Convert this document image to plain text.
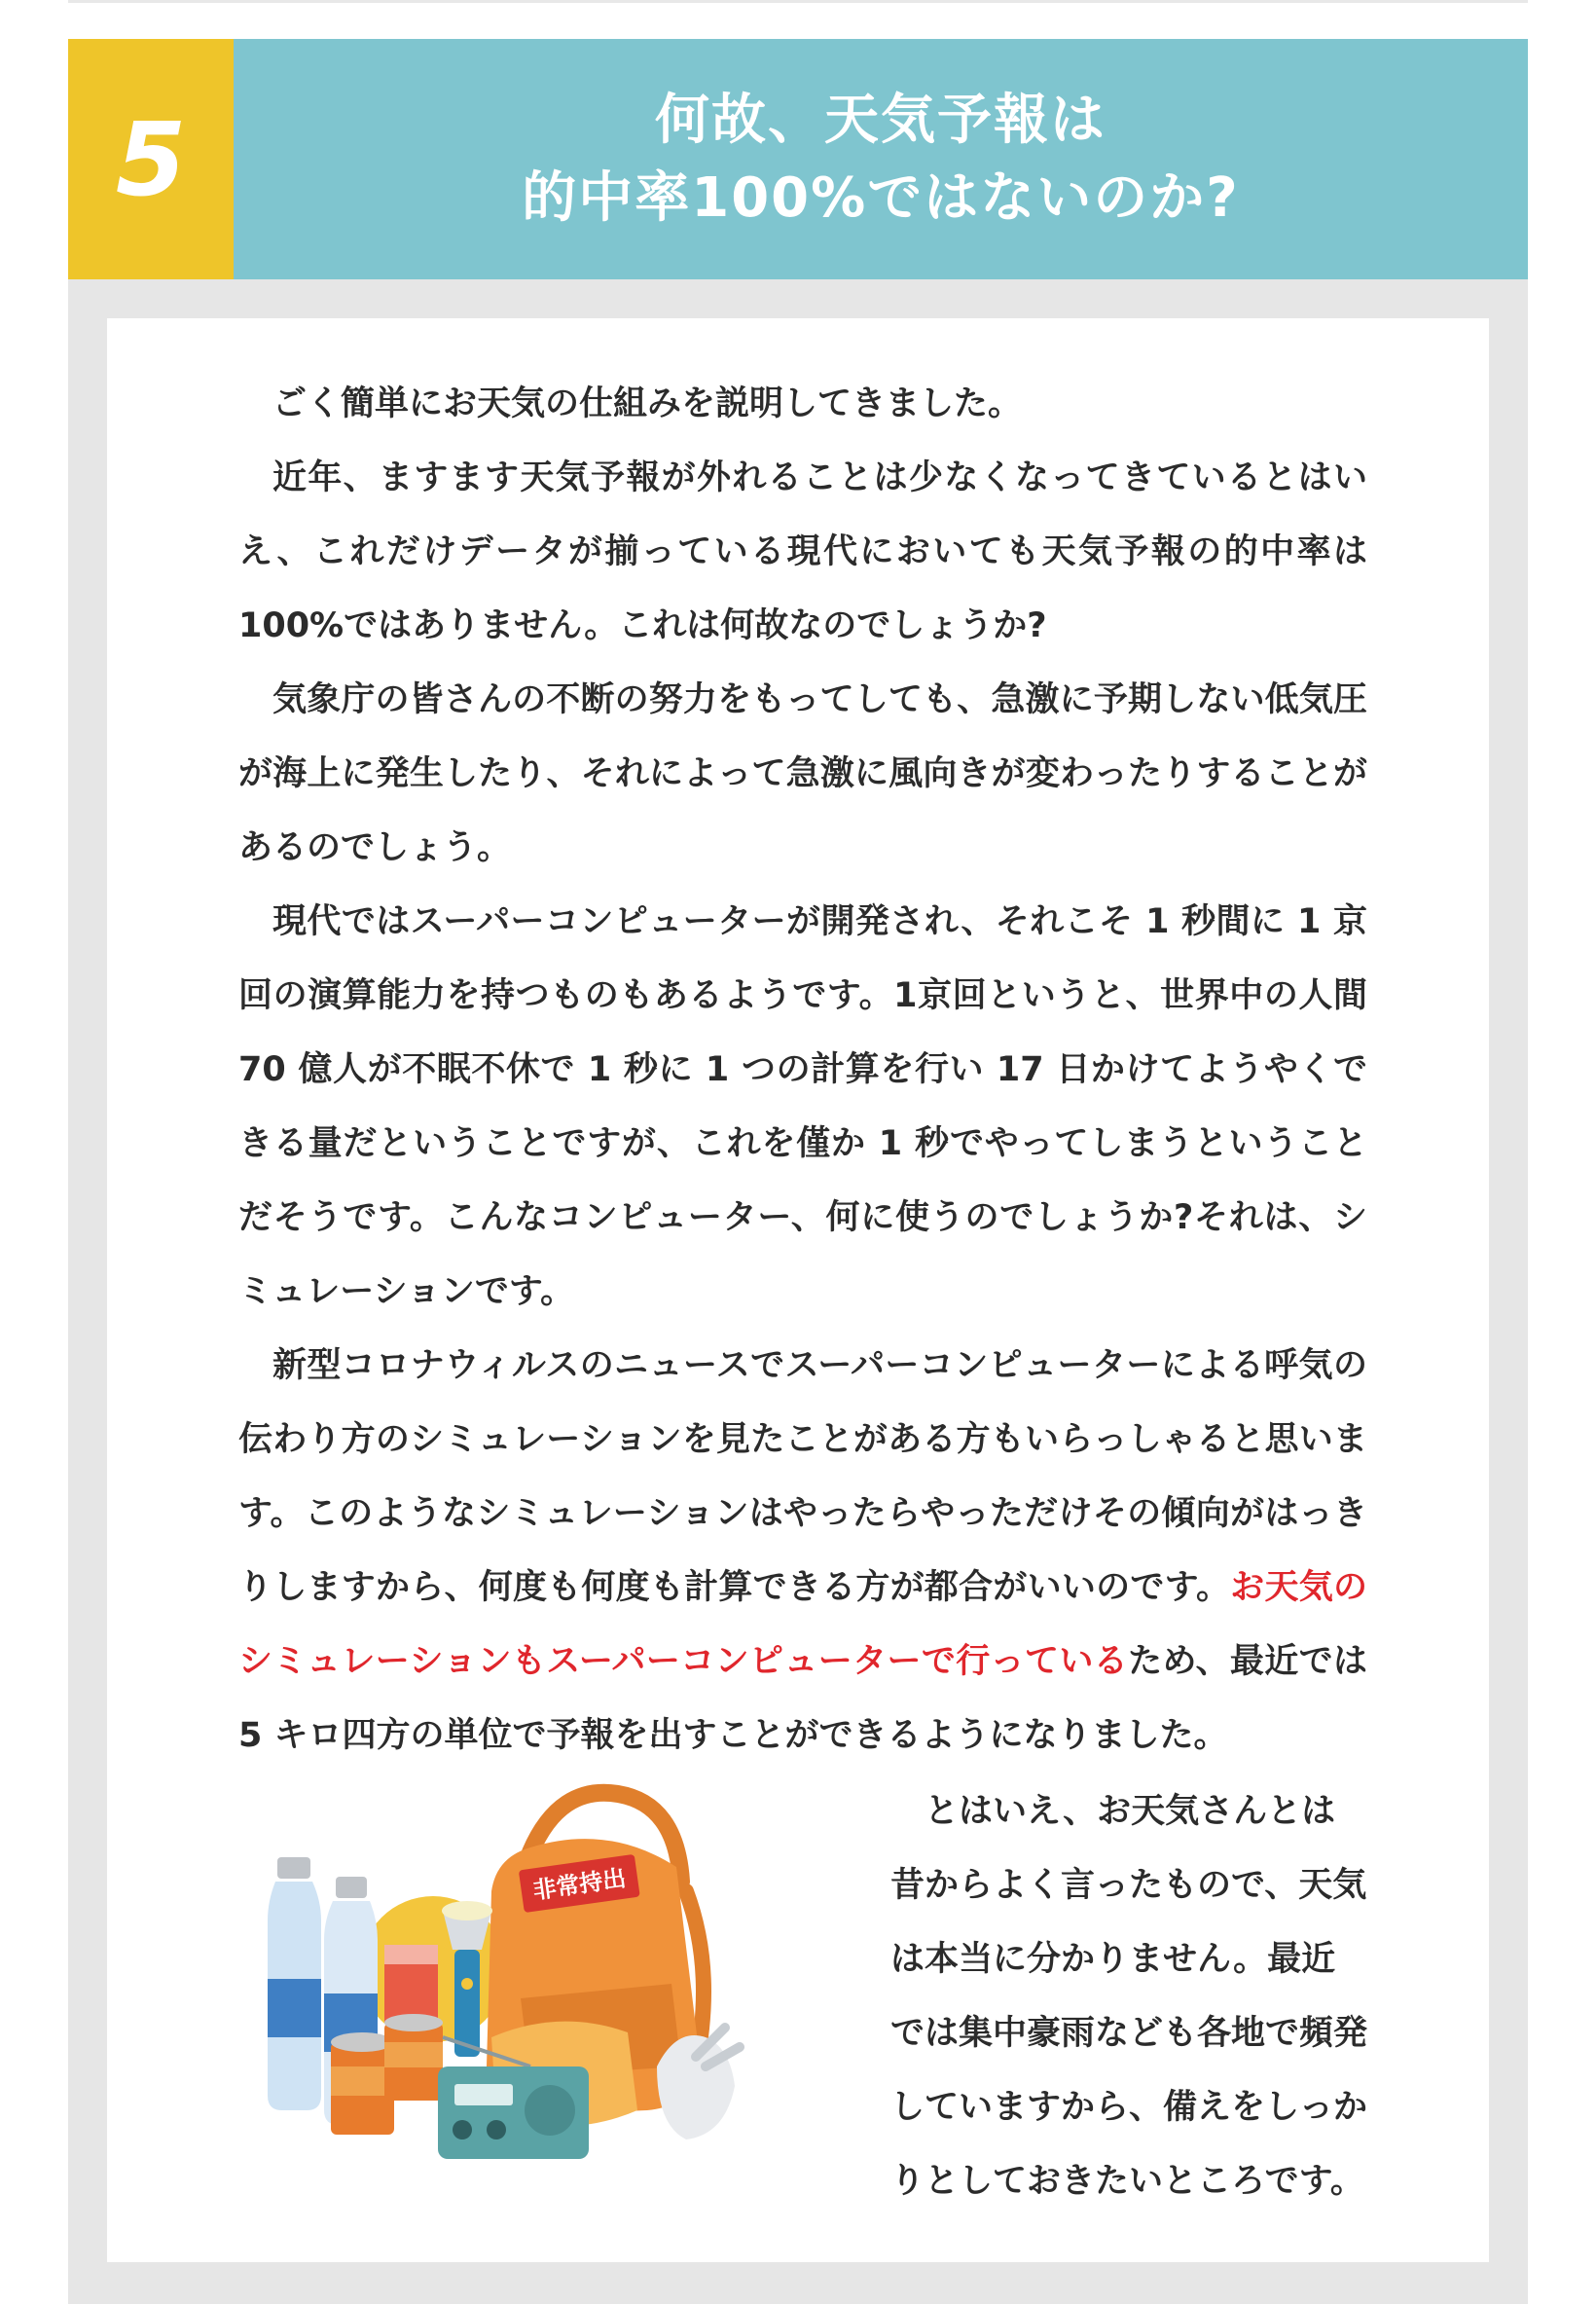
5	何故、天気予報は
的中率100%ではないのか?

ごく簡単にお天気の仕組みを説明してきました。

近年、ますます天気予報が外れることは少なくなってきているとはいえ、これだけデータが揃っている現代においても天気予報の的中率は 100%ではありません。これは何故なのでしょうか?

気象庁の皆さんの不断の努力をもってしても、急激に予期しない低気圧が海上に発生したり、それによって急激に風向きが変わったりすることがあるのでしょう。

現代ではスーパーコンピューターが開発され、それこそ 1 秒間に 1 京回の演算能力を持つものもあるようです。1京回というと、世界中の人間70 億人が不眠不休で 1 秒に 1 つの計算を行い 17 日かけてようやくできる量だということですが、これを僅か 1 秒でやってしまうということだそうです。こんなコンピューター、何に使うのでしょうか?それは、シミュレーションです。

新型コロナウィルスのニュースでスーパーコンピューターによる呼気の伝わり方のシミュレーションを見たことがある方もいらっしゃると思います。このようなシミュレーションはやったらやっただけその傾向がはっきりしますから、何度も何度も計算できる方が都合がいいのです。お天気のシミュレーションもスーパーコンピューターで行っているため、最近では 5 キロ四方の単位で予報を出すことができるようになりました。

非常持出

とはいえ、お天気さんとは昔からよく言ったもので、天気は本当に分かりません。最近では集中豪雨なども各地で頻発していますから、備えをしっかりとしておきたいところです。
